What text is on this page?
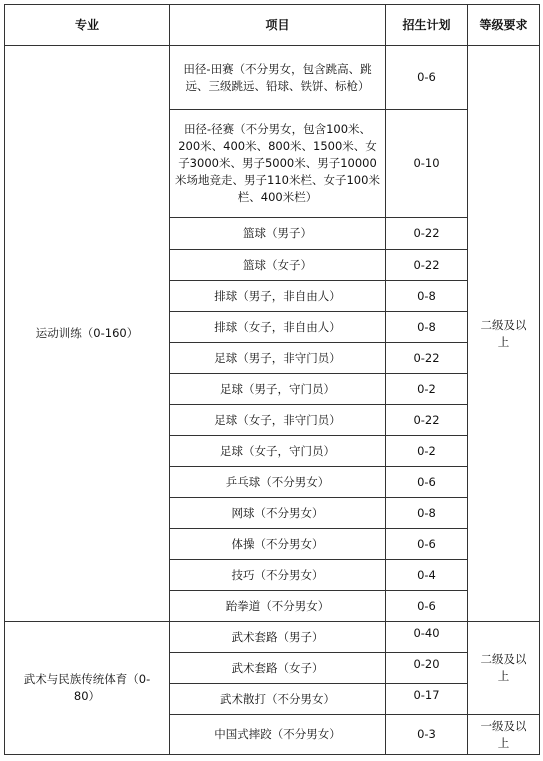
专业	项目	招生计划	等级要求
运动训练（0-160）	田径-田赛（不分男女，包含跳高、跳远、三级跳远、铅球、铁饼、标枪）	0-6	二级及以上
	田径-径赛（不分男女，包含100米、200米、400米、800米、1500米、女子3000米、男子5000米、男子10000米场地竞走、男子110米栏、女子100米栏、400米栏）	0-10	
	篮球（男子）	0-22	
	篮球（女子）	0-22	
	排球（男子，非自由人）	0-8	
	排球（女子，非自由人）	0-8	
	足球（男子，非守门员）	0-22	
	足球（男子，守门员）	0-2	
	足球（女子，非守门员）	0-22	
	足球（女子，守门员）	0-2	
	乒乓球（不分男女）	0-6	
	网球（不分男女）	0-8	
	体操（不分男女）	0-6	
	技巧（不分男女）	0-4	
	跆拳道（不分男女）	0-6	
武术与民族传统体育（0-80）	武术套路（男子）	0-40	二级及以上
	武术套路（女子）	0-20	
	武术散打（不分男女）	0-17	
	中国式摔跤（不分男女）	0-3	一级及以上
